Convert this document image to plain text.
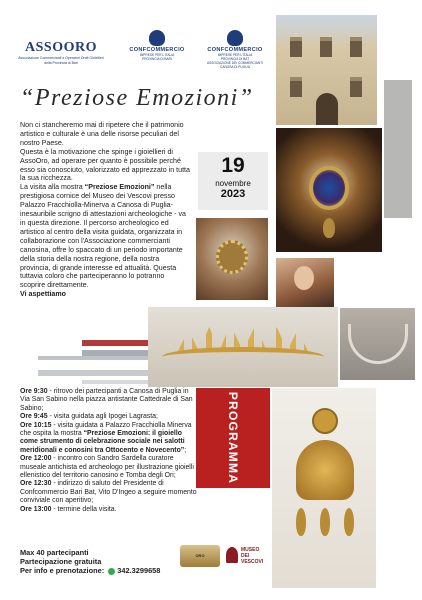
ASSOORO
Associazione Commercianti e Operatori Orafi Gioiellieri della Provincia di Bari
CONFCOMMERCIO
IMPRESE PER L'ITALIA
PROVINCIA DI BARI
CONFCOMMERCIO
IMPRESE PER L'ITALIA
PROVINCIA DI BAT
ASSOCIAZIONE DEI COMMERCIANTI CANOSA DI PUGLIA
“Preziose Emozioni”
19
novembre
2023

Non ci stancheremo mai di ripetere che il patrimonio artistico e culturale è una delle risorse peculiari del nostro Paese.

Questa è la motivazione che spinge i gioiellieri di AssoOro, ad operare per quanto è possibile perché esso sia conosciuto, valorizzato ed apprezzato in tutta la sua ricchezza.

La visita alla mostra “Preziose Emozioni” nella prestigiosa cornice del Museo dei Vescovi presso Palazzo Fracchiolla-Minerva a Canosa di Puglia- inesauribile scrigno di attestazioni archeologiche - va in questa direzione. Il percorso archeologico ed artistico al centro della visita guidata, organizzata in collaborazione con l'Associazione commercianti canosina, offre lo spaccato di un periodo importante della storia della nostra regione, della nostra provincia, di grande interesse ed attualità. Questa tuttavia coloro che parteciperanno lo potranno scoprire direttamente.

Vi aspettiamo

PROGRAMMA

Ore 9:30 - ritrovo dei partecipanti a Canosa di Puglia in Via San Sabino nella piazza antistante Cattedrale di San Sabino;

Ore 9:45 - visita guidata agli Ipogei Lagrasta;

Ore 10:15 - visita guidata a Palazzo Fracchiolla Minerva che ospita la mostra “Preziose Emozioni: il gioiello come strumento di celebrazione sociale nei salotti meridionali e conosini tra Ottocento e Novecento”;

Ore 12:00 - incontro con Sandro Sardella curatore museale antichista ed archeologo per illustrazione gioielli ellenistico del territorio canosino e Tomba degli Ori;

Ore 12:30 - indirizzo di saluto del Presidente di Confcommercio Bari Bat, Vito D'Ingeo a seguire momento conviviale con aperitivo;

Ore 13:00 - termine della visita.

Max 40 partecipanti
Partecipazione gratuita
Per info e prenotazione: 342.3299658
ORO
MUSEO
DEI
VESCOVI
